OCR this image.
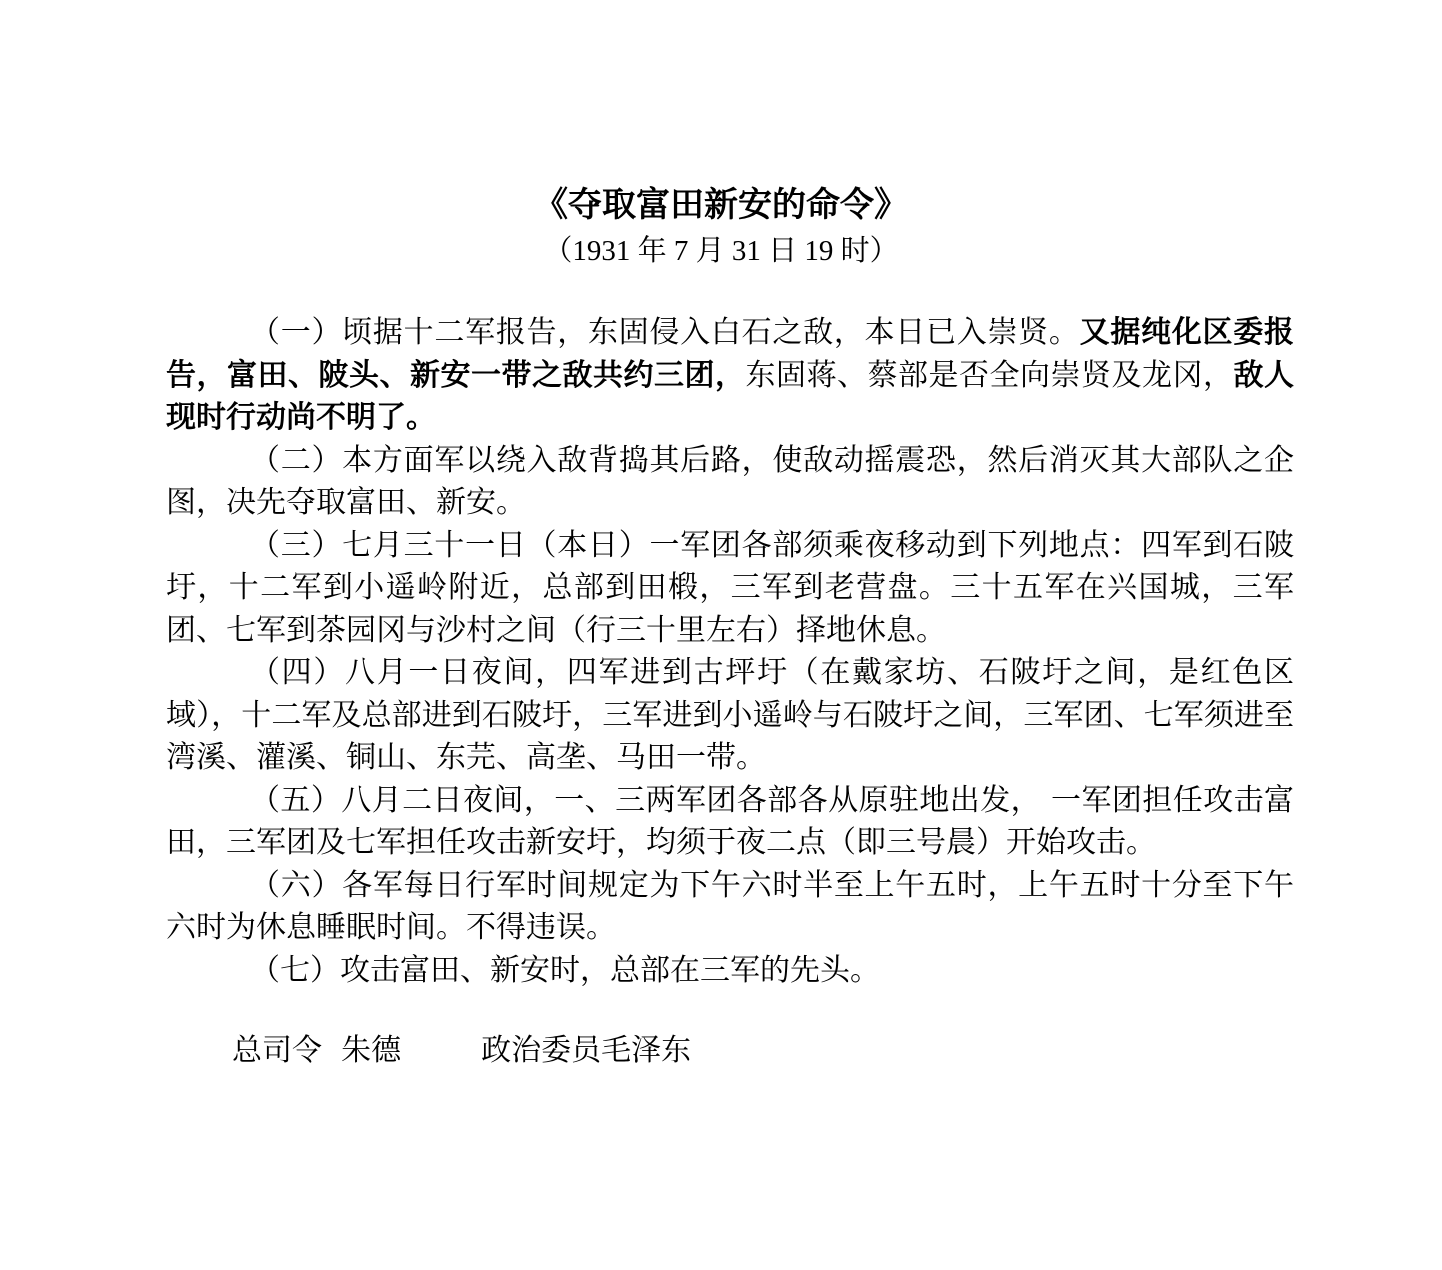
《夺取富田新安的命令》
（1931 年 7 月 31 日 19 时）

（一）顷据十二军报告，东固侵入白石之敌，本日已入崇贤。又据纯化区委报告，富田、陂头、新安一带之敌共约三团，东固蒋、蔡部是否全向崇贤及龙冈，敌人现时行动尚不明了。

（二）本方面军以绕入敌背捣其后路，使敌动摇震恐，然后消灭其大部队之企图，决先夺取富田、新安。

（三）七月三十一日（本日）一军团各部须乘夜移动到下列地点：四军到石陂圩，十二军到小遥岭附近，总部到田椴，三军到老营盘。三十五军在兴国城，三军团、七军到茶园冈与沙村之间（行三十里左右）择地休息。

（四）八月一日夜间，四军进到古坪圩（在戴家坊、石陂圩之间，是红色区域），十二军及总部进到石陂圩，三军进到小遥岭与石陂圩之间，三军团、七军须进至湾溪、灌溪、铜山、东芫、高垄、马田一带。

（五）八月二日夜间，一、三两军团各部各从原驻地出发， 一军团担任攻击富田，三军团及七军担任攻击新安圩，均须于夜二点（即三号晨）开始攻击。

（六）各军每日行军时间规定为下午六时半至上午五时，上午五时十分至下午六时为休息睡眠时间。不得违误。

（七）攻击富田、新安时，总部在三军的先头。

总司令  朱德	政治委员毛泽东
